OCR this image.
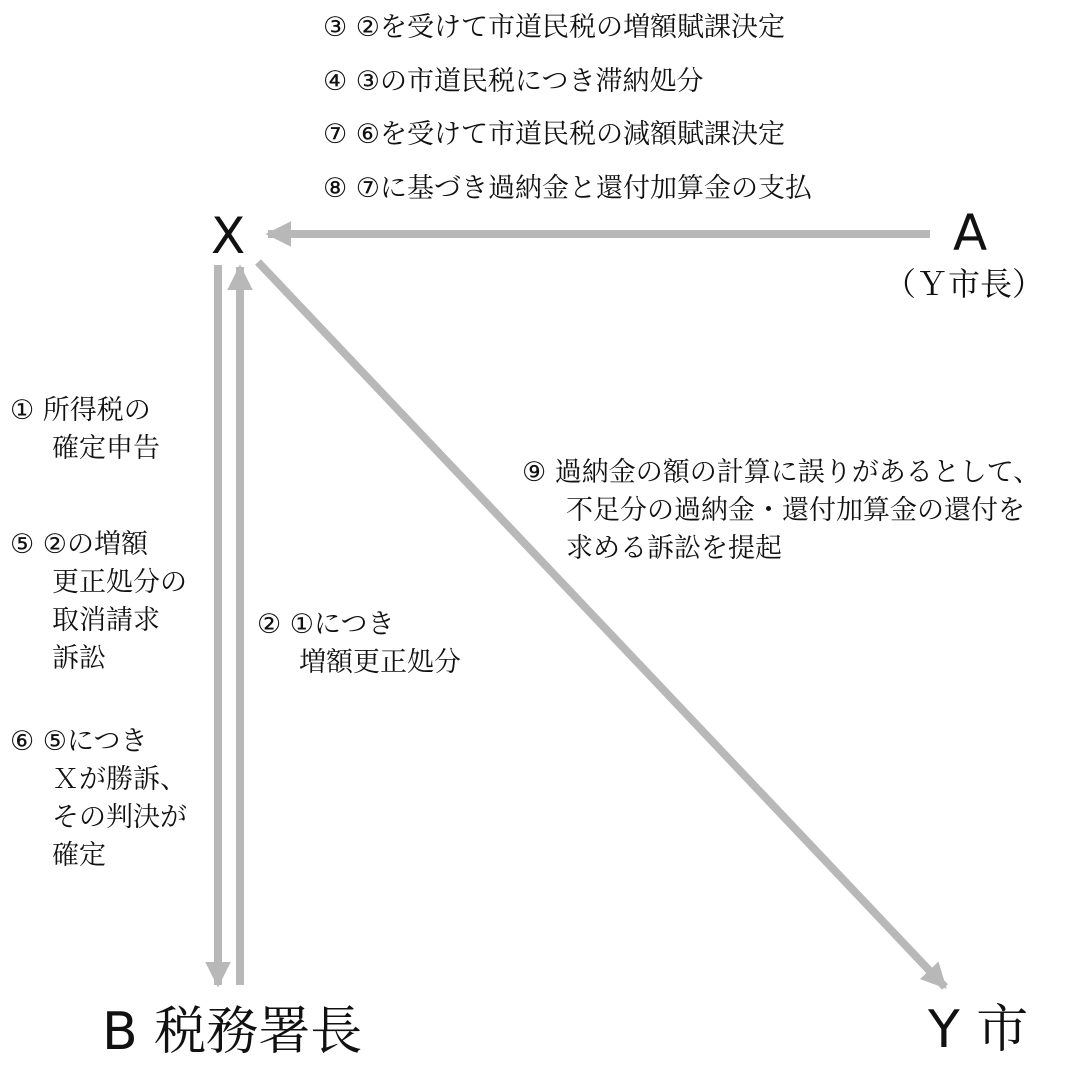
③ ②を受けて市道民税の増額賦課決定
④ ③の市道民税につき滞納処分
⑦ ⑥を受けて市道民税の減額賦課決定
⑧ ⑦に基づき過納金と還付加算金の支払
X	A
（Ｙ市長）
B 税務署長	Y 市
① 所得税の
確定申告
⑤ ②の増額
更正処分の
取消請求
訴訟
⑥ ⑤につき
Ｘが勝訴、
その判決が
確定
② ①につき
増額更正処分
⑨ 過納金の額の計算に誤りがあるとして、
不足分の過納金・還付加算金の還付を
求める訴訟を提起
